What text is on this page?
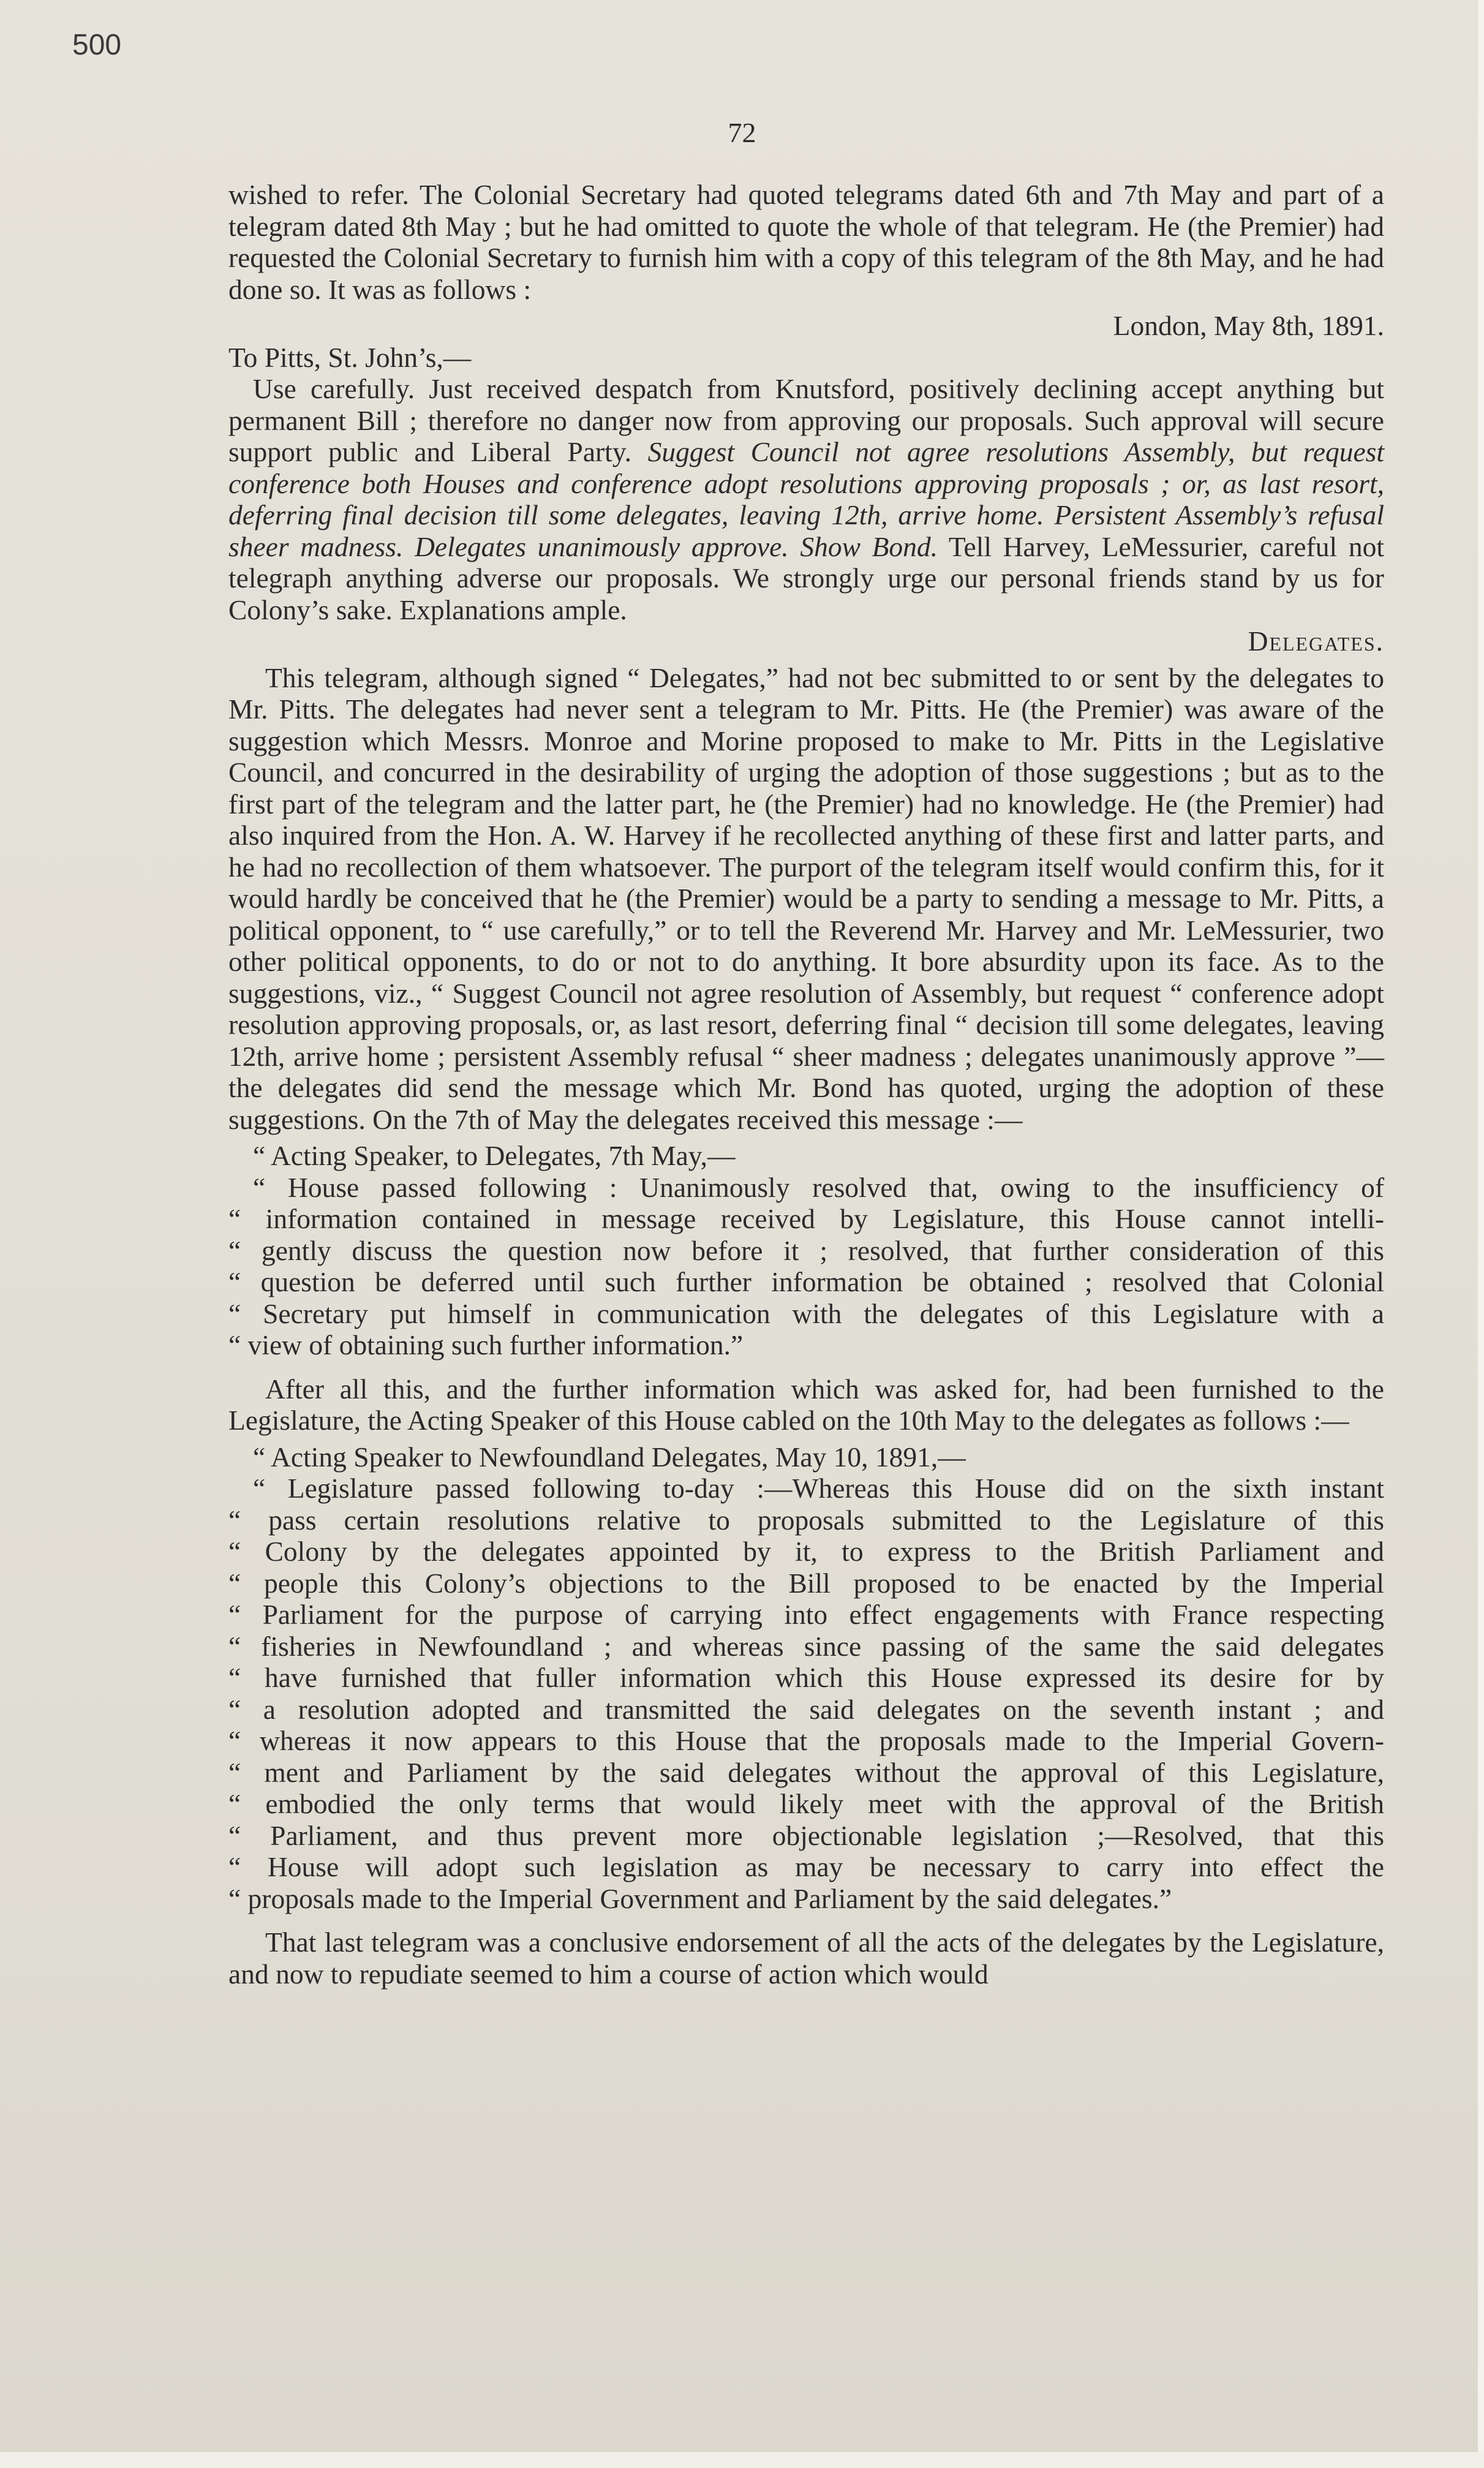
500

72

wished to refer. The Colonial Secretary had quoted telegrams dated 6th and 7th May and part of a telegram dated 8th May ; but he had omitted to quote the whole of that telegram. He (the Premier) had requested the Colonial Secretary to furnish him with a copy of this telegram of the 8th May, and he had done so. It was as follows :

London, May 8th, 1891.

To Pitts, St. John’s,—

Use carefully. Just received despatch from Knutsford, positively declining accept anything but permanent Bill ; therefore no danger now from approving our proposals. Such approval will secure support public and Liberal Party. Suggest Council not agree resolutions Assembly, but request conference both Houses and conference adopt resolutions approving proposals ; or, as last resort, deferring final decision till some delegates, leaving 12th, arrive home. Persistent Assembly’s refusal sheer madness. Delegates unanimously approve. Show Bond. Tell Harvey, LeMessurier, careful not telegraph anything adverse our proposals. We strongly urge our personal friends stand by us for Colony’s sake. Explanations ample.

Delegates.

This telegram, although signed “ Delegates,” had not bec submitted to or sent by the delegates to Mr. Pitts. The delegates had never sent a telegram to Mr. Pitts. He (the Premier) was aware of the suggestion which Messrs. Monroe and Morine proposed to make to Mr. Pitts in the Legislative Council, and concurred in the desirability of urging the adoption of those suggestions ; but as to the first part of the telegram and the latter part, he (the Premier) had no knowledge. He (the Premier) had also inquired from the Hon. A. W. Harvey if he recollected anything of these first and latter parts, and he had no recollection of them whatsoever. The purport of the telegram itself would confirm this, for it would hardly be conceived that he (the Premier) would be a party to sending a message to Mr. Pitts, a political opponent, to “ use carefully,” or to tell the Reverend Mr. Harvey and Mr. LeMessurier, two other political opponents, to do or not to do anything. It bore absurdity upon its face. As to the suggestions, viz., “ Suggest Council not agree resolution of Assembly, but request “ conference adopt resolution approving proposals, or, as last resort, deferring final “ decision till some delegates, leaving 12th, arrive home ; persistent Assembly refusal “ sheer madness ; delegates unanimously approve ”—the delegates did send the message which Mr. Bond has quoted, urging the adoption of these suggestions. On the 7th of May the delegates received this message :—

“ Acting Speaker, to Delegates, 7th May,—

“ House passed following : Unanimously resolved that, owing to the insufficiency of
“ information contained in message received by Legislature, this House cannot intelli-
“ gently discuss the question now before it ; resolved, that further consideration of this
“ question be deferred until such further information be obtained ; resolved that Colonial
“ Secretary put himself in communication with the delegates of this Legislature with a
“ view of obtaining such further information.”

After all this, and the further information which was asked for, had been furnished to the Legislature, the Acting Speaker of this House cabled on the 10th May to the delegates as follows :—

“ Acting Speaker to Newfoundland Delegates, May 10, 1891,—

“ Legislature passed following to-day :—Whereas this House did on the sixth instant
“ pass certain resolutions relative to proposals submitted to the Legislature of this
“ Colony by the delegates appointed by it, to express to the British Parliament and
“ people this Colony’s objections to the Bill proposed to be enacted by the Imperial
“ Parliament for the purpose of carrying into effect engagements with France respecting
“ fisheries in Newfoundland ; and whereas since passing of the same the said delegates
“ have furnished that fuller information which this House expressed its desire for by
“ a resolution adopted and transmitted the said delegates on the seventh instant ; and
“ whereas it now appears to this House that the proposals made to the Imperial Govern-
“ ment and Parliament by the said delegates without the approval of this Legislature,
“ embodied the only terms that would likely meet with the approval of the British
“ Parliament, and thus prevent more objectionable legislation ;—Resolved, that this
“ House will adopt such legislation as may be necessary to carry into effect the
“ proposals made to the Imperial Government and Parliament by the said delegates.”

That last telegram was a conclusive endorsement of all the acts of the delegates by the Legislature, and now to repudiate seemed to him a course of action which would
